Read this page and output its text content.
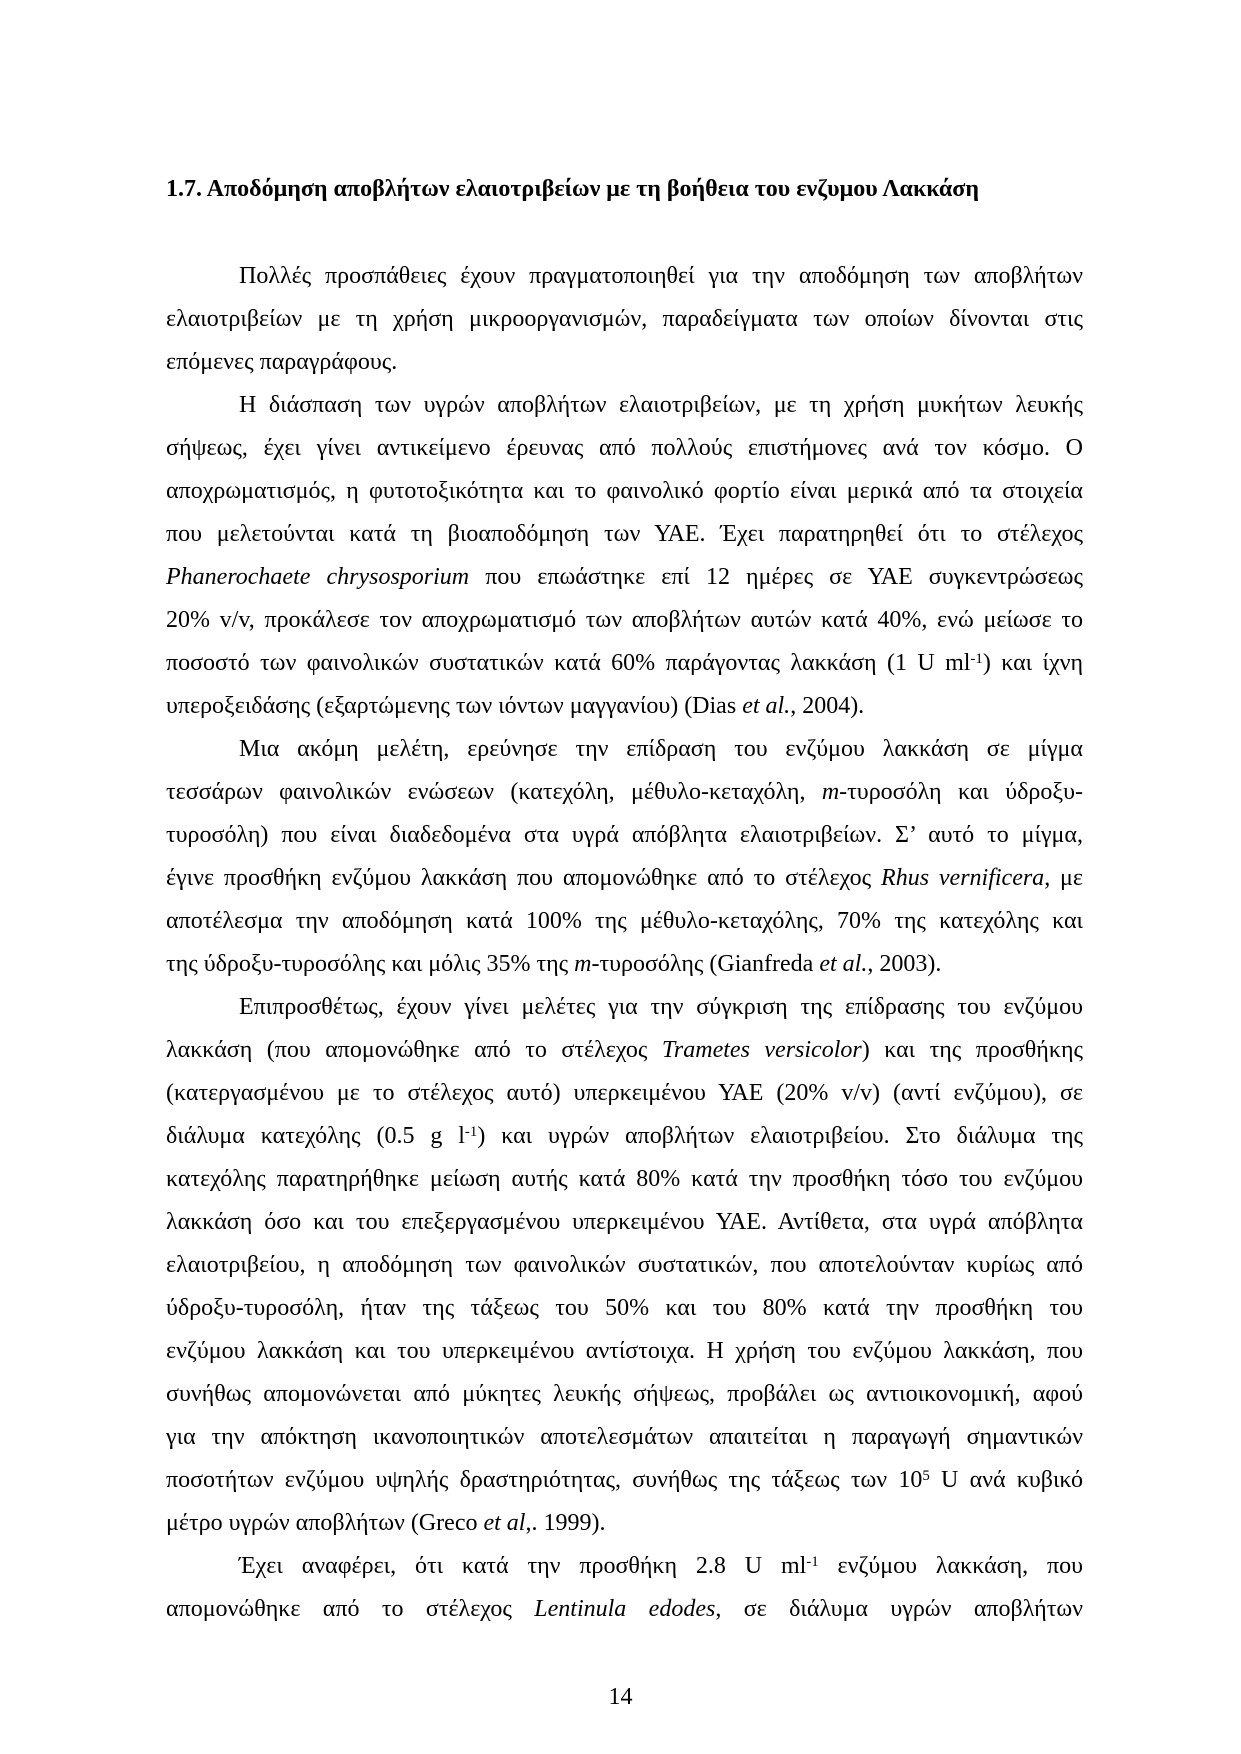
1.7. Αποδόμηση αποβλήτων ελαιοτριβείων με τη βοήθεια του ενζυμου Λακκάση
Πολλές προσπάθειες έχουν πραγματοποιηθεί για την αποδόμηση των αποβλήτων
ελαιοτριβείων με τη χρήση μικροοργανισμών, παραδείγματα των οποίων δίνονται στις
επόμενες παραγράφους.
Η διάσπαση των υγρών αποβλήτων ελαιοτριβείων, με τη χρήση μυκήτων λευκής
σήψεως, έχει γίνει αντικείμενο έρευνας από πολλούς επιστήμονες ανά τον κόσμο. Ο
αποχρωματισμός, η φυτοτοξικότητα και το φαινολικό φορτίο είναι μερικά από τα στοιχεία
που μελετούνται κατά τη βιοαποδόμηση των ΥΑΕ. Έχει παρατηρηθεί ότι το στέλεχος
Phanerochaete chrysosporium που επωάστηκε επί 12 ημέρες σε ΥΑΕ συγκεντρώσεως
20% v/v, προκάλεσε τον αποχρωματισμό των αποβλήτων αυτών κατά 40%, ενώ μείωσε το
ποσοστό των φαινολικών συστατικών κατά 60% παράγοντας λακκάση (1 U $ml^{-1}$) και ίχνη
υπεροξειδάσης (εξαρτώμενης των ιόντων μαγγανίου) (Dias et al., 2004).
Μια ακόμη μελέτη, ερεύνησε την επίδραση του ενζύμου λακκάση σε μίγμα
τεσσάρων φαινολικών ενώσεων (κατεχόλη, μέθυλο-κεταχόλη, m-τυροσόλη και ύδροξυ-
τυροσόλη) που είναι διαδεδομένα στα υγρά απόβλητα ελαιοτριβείων. Σ’ αυτό το μίγμα,
έγινε προσθήκη ενζύμου λακκάση που απομονώθηκε από το στέλεχος Rhus vernificera, με
αποτέλεσμα την αποδόμηση κατά 100% της μέθυλο-κεταχόλης, 70% της κατεχόλης και
της ύδροξυ-τυροσόλης και μόλις 35% της m-τυροσόλης (Gianfreda et al., 2003).
Επιπροσθέτως, έχουν γίνει μελέτες για την σύγκριση της επίδρασης του ενζύμου
λακκάση (που απομονώθηκε από το στέλεχος Trametes versicolor) και της προσθήκης
(κατεργασμένου με το στέλεχος αυτό) υπερκειμένου ΥΑΕ (20% v/v) (αντί ενζύμου), σε
διάλυμα κατεχόλης (0.5 g $l^{-1}$) και υγρών αποβλήτων ελαιοτριβείου. Στο διάλυμα της
κατεχόλης παρατηρήθηκε μείωση αυτής κατά 80% κατά την προσθήκη τόσο του ενζύμου
λακκάση όσο και του επεξεργασμένου υπερκειμένου ΥΑΕ. Αντίθετα, στα υγρά απόβλητα
ελαιοτριβείου, η αποδόμηση των φαινολικών συστατικών, που αποτελούνταν κυρίως από
ύδροξυ-τυροσόλη, ήταν της τάξεως του 50% και του 80% κατά την προσθήκη του
ενζύμου λακκάση και του υπερκειμένου αντίστοιχα. Η χρήση του ενζύμου λακκάση, που
συνήθως απομονώνεται από μύκητες λευκής σήψεως, προβάλει ως αντιοικονομική, αφού
για την απόκτηση ικανοποιητικών αποτελεσμάτων απαιτείται η παραγωγή σημαντικών
ποσοτήτων ενζύμου υψηλής δραστηριότητας, συνήθως της τάξεως των $10^5$ U ανά κυβικό
μέτρο υγρών αποβλήτων (Greco et al,. 1999).
Έχει αναφέρει, ότι κατά την προσθήκη 2.8 U $ml^{-1}$ ενζύμου λακκάση, που
απομονώθηκε από το στέλεχος Lentinula edodes, σε διάλυμα υγρών αποβλήτων
14
